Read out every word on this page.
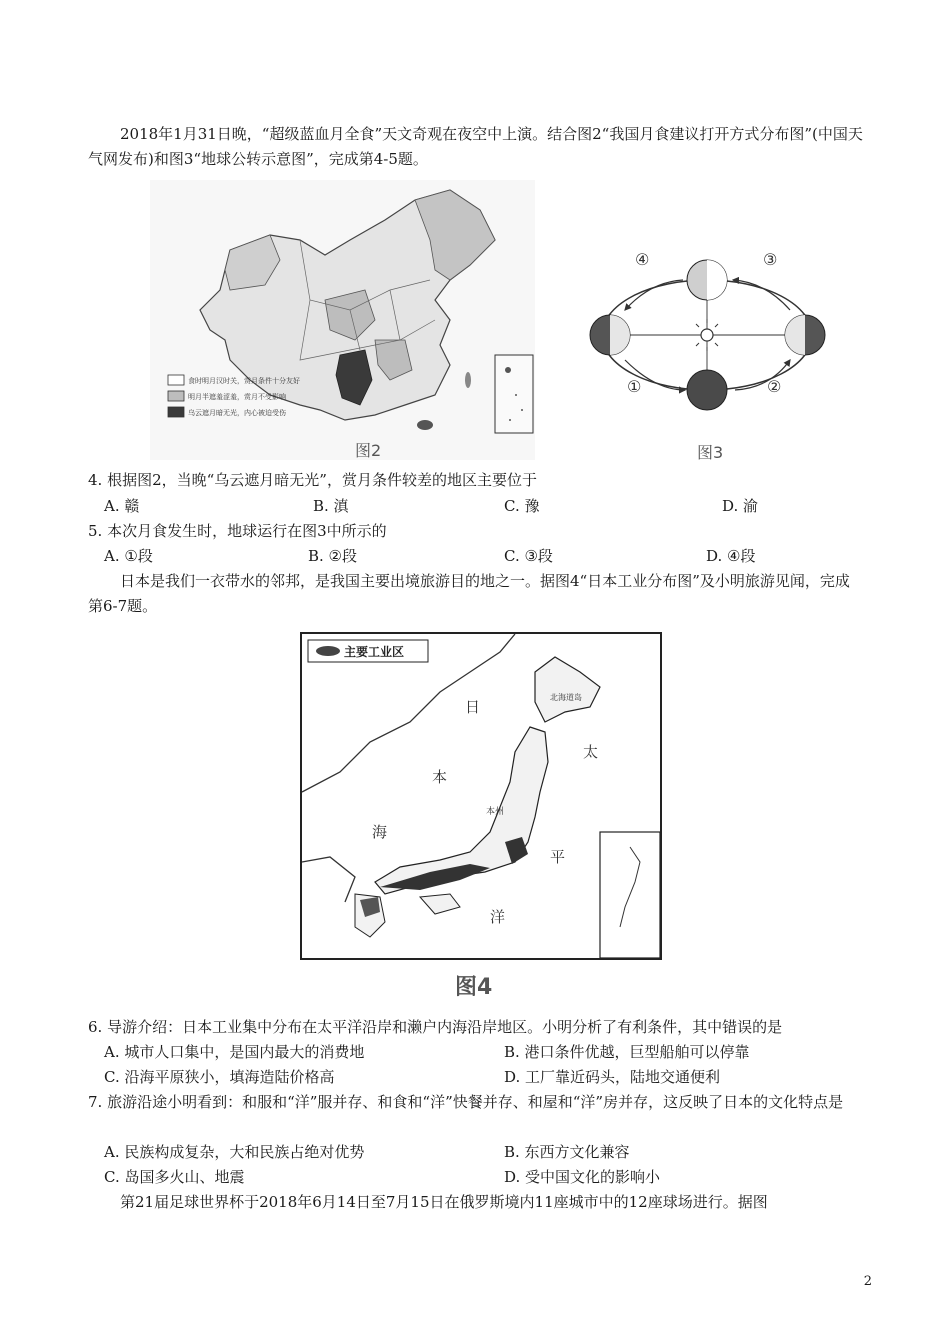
2018年1月31日晚，“超级蓝血月全食”天文奇观在夜空中上演。结合图2“我国月食建议打开方式分布图”(中国天气网发布)和图3“地球公转示意图”，完成第4-5题。
食时明月汉时关，赏月条件十分友好
明月半遮羞涩羞，赏月不受影响
乌云遮月暗无光，内心被迫受伤
图2
④	③
①	②
图3
4. 根据图2，当晚“乌云遮月暗无光”，赏月条件较差的地区主要位于
A. 赣	B. 滇	C. 豫	D. 渝
5. 本次月食发生时，地球运行在图3中所示的
A. ①段	B. ②段	C. ③段	D. ④段
日本是我们一衣带水的邻邦，是我国主要出境旅游目的地之一。据图4“日本工业分布图”及小明旅游见闻，完成第6-7题。
主要工业区
北海道岛
日
本
海
太
平
洋
本州
图4
6. 导游介绍：日本工业集中分布在太平洋沿岸和濑户内海沿岸地区。小明分析了有利条件，其中错误的是
A. 城市人口集中，是国内最大的消费地	B. 港口条件优越，巨型船舶可以停靠
C. 沿海平原狭小，填海造陆价格高	D. 工厂靠近码头，陆地交通便利
7. 旅游沿途小明看到：和服和“洋”服并存、和食和“洋”快餐并存、和屋和“洋”房并存，这反映了日本的文化特点是
A. 民族构成复杂，大和民族占绝对优势	B. 东西方文化兼容
C. 岛国多火山、地震	D. 受中国文化的影响小
第21届足球世界杯于2018年6月14日至7月15日在俄罗斯境内11座城市中的12座球场进行。据图
2
